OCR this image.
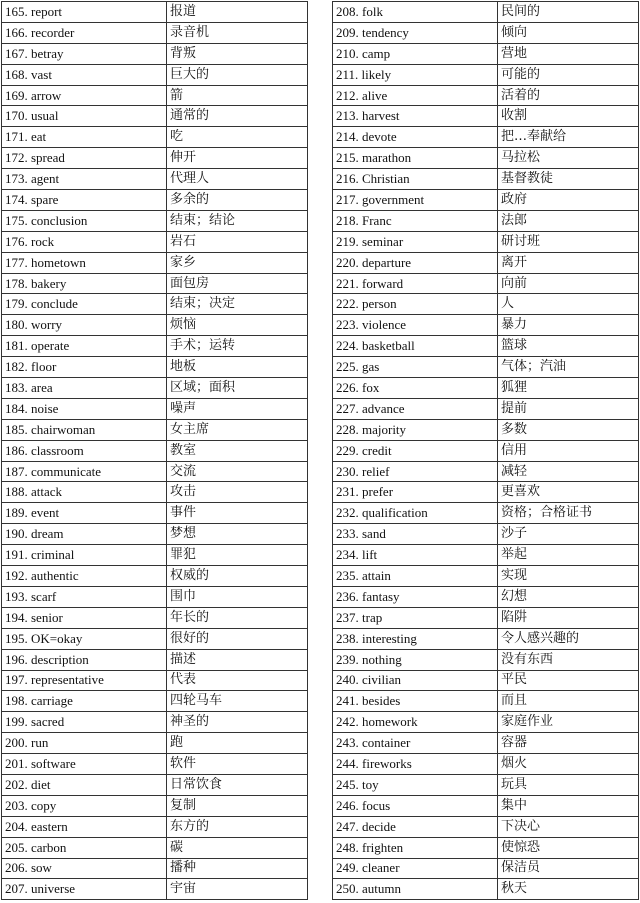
165. report	报道
166. recorder	录音机
167. betray	背叛
168. vast	巨大的
169. arrow	箭
170. usual	通常的
171. eat	吃
172. spread	伸开
173. agent	代理人
174. spare	多余的
175. conclusion	结束；结论
176. rock	岩石
177. hometown	家乡
178. bakery	面包房
179. conclude	结束；决定
180. worry	烦恼
181. operate	手术；运转
182. floor	地板
183. area	区域；面积
184. noise	噪声
185. chairwoman	女主席
186. classroom	教室
187. communicate	交流
188. attack	攻击
189. event	事件
190. dream	梦想
191. criminal	罪犯
192. authentic	权威的
193. scarf	围巾
194. senior	年长的
195. OK=okay	很好的
196. description	描述
197. representative	代表
198. carriage	四轮马车
199. sacred	神圣的
200. run	跑
201. software	软件
202. diet	日常饮食
203. copy	复制
204. eastern	东方的
205. carbon	碳
206. sow	播种
207. universe	宇宙
208. folk	民间的
209. tendency	倾向
210. camp	营地
211. likely	可能的
212. alive	活着的
213. harvest	收割
214. devote	把…奉献给
215. marathon	马拉松
216. Christian	基督教徒
217. government	政府
218. Franc	法郎
219. seminar	研讨班
220. departure	离开
221. forward	向前
222. person	人
223. violence	暴力
224. basketball	篮球
225. gas	气体；汽油
226. fox	狐狸
227. advance	提前
228. majority	多数
229. credit	信用
230. relief	减轻
231. prefer	更喜欢
232. qualification	资格；合格证书
233. sand	沙子
234. lift	举起
235. attain	实现
236. fantasy	幻想
237. trap	陷阱
238. interesting	令人感兴趣的
239. nothing	没有东西
240. civilian	平民
241. besides	而且
242. homework	家庭作业
243. container	容器
244. fireworks	烟火
245. toy	玩具
246. focus	集中
247. decide	下决心
248. frighten	使惊恐
249. cleaner	保洁员
250. autumn	秋天
